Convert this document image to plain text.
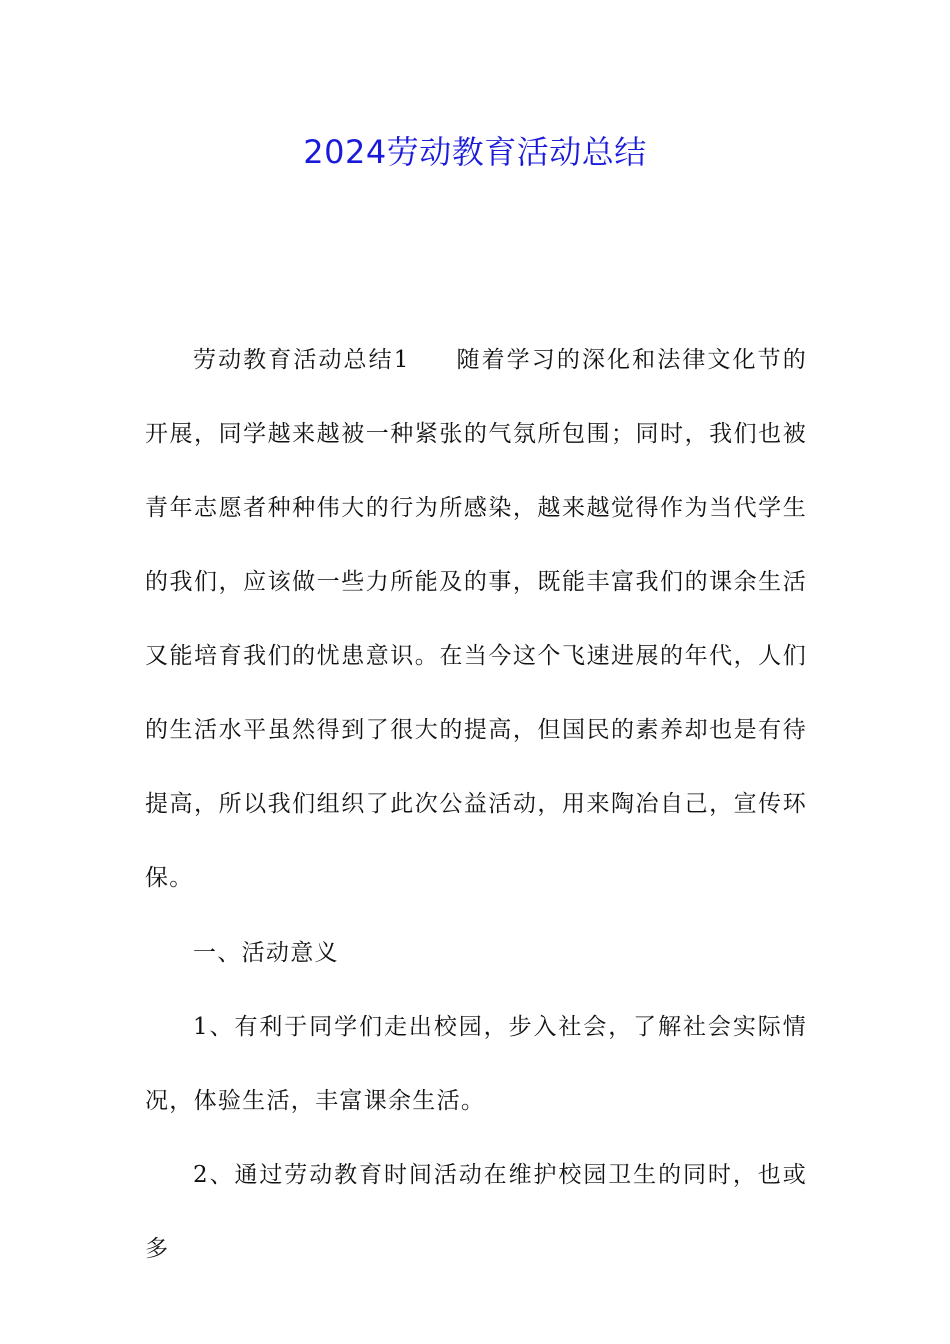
2024劳动教育活动总结

劳动教育活动总结1 随着学习的深化和法律文化节的开展，同学越来越被一种紧张的气氛所包围；同时，我们也被青年志愿者种种伟大的行为所感染，越来越觉得作为当代学生的我们，应该做一些力所能及的事，既能丰富我们的课余生活又能培育我们的忧患意识。在当今这个飞速进展的年代，人们的生活水平虽然得到了很大的提高，但国民的素养却也是有待提高，所以我们组织了此次公益活动，用来陶冶自己，宣传环保。

一、活动意义

1、有利于同学们走出校园，步入社会，了解社会实际情况，体验生活，丰富课余生活。

2、通过劳动教育时间活动在维护校园卫生的同时，也或多
